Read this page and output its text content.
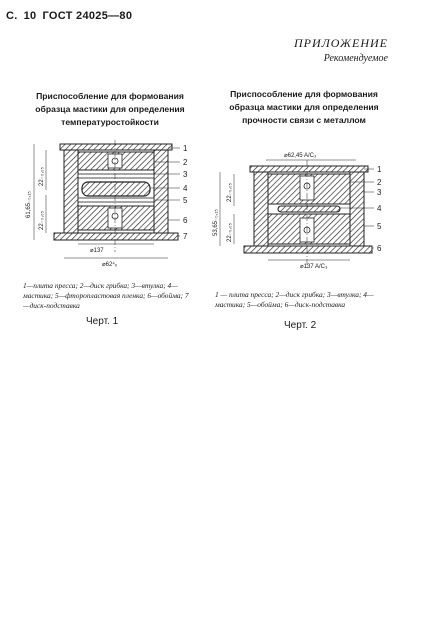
С. 10 ГОСТ 24025—80
ПРИЛОЖЕНИЕ
Рекомендуемое
Приспособление для формования
образца мастики для определения
температуростойкости
Приспособление для формования
образца мастики для определения
прочности связи с металлом
61,65₋₀,₁₅
22₋₀,₀₅
22₋₀,₀₅
⌀137
⌀62⁴ₓ
1
2
3
4
5
6
7
⌀62,45 A/C₃
53,65₋₀,₁₅
22₋₀,₀₅
22₋₀,₀₅
⌀137 A/C₃
1
2
3
4
5
6
1—плита пресса; 2—диск грибка; 3—втулка; 4—мастика; 5—фторопластовая пленка; 6—обойма; 7—диск-подставка
Черт. 1
1 — плита пресса; 2—диск грибка; 3—втулка; 4—мастика; 5—обойма; 6—диск-подставка
Черт. 2
